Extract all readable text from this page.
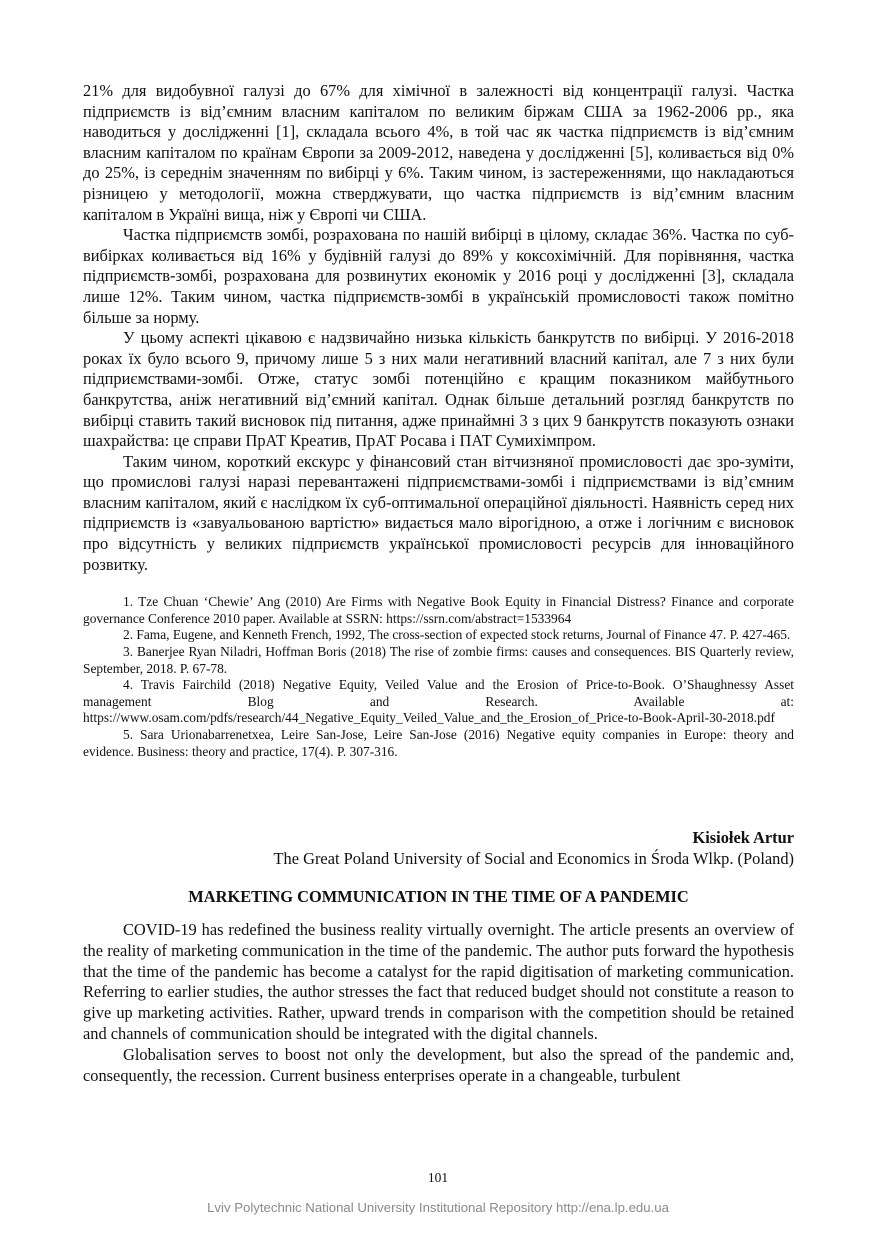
21% для видобувної галузі до 67% для хімічної в залежності від концентрації галузі. Частка підприємств із від’ємним власним капіталом по великим біржам США за 1962-2006 рр., яка наводиться у дослідженні [1], складала всього 4%, в той час як частка підприємств із від’ємним власним капіталом по країнам Європи за 2009-2012, наведена у дослідженні [5], коливається від 0% до 25%, із середнім значенням по вибірці у 6%. Таким чином, із застереженнями, що накладаються різницею у методології, можна стверджувати, що частка підприємств із від’ємним власним капіталом в Україні вища, ніж у Європі чи США.

Частка підприємств зомбі, розрахована по нашій вибірці в цілому, складає 36%. Частка по суб-вибірках коливається від 16% у будівній галузі до 89% у коксохімічній. Для порівняння, частка підприємств-зомбі, розрахована для розвинутих економік у 2016 році у дослідженні [3], складала лише 12%. Таким чином, частка підприємств-зомбі в українській промисловості також помітно більше за норму.

У цьому аспекті цікавою є надзвичайно низька кількість банкрутств по вибірці. У 2016-2018 роках їх було всього 9, причому лише 5 з них мали негативний власний капітал, але 7 з них були підприємствами-зомбі. Отже, статус зомбі потенційно є кращим показником майбутнього банкрутства, аніж негативний від’ємний капітал. Однак більше детальний розгляд банкрутств по вибірці ставить такий висновок під питання, адже принаймні 3 з цих 9 банкрутств показують ознаки шахрайства: це справи ПрАТ Креатив, ПрАТ Росава і ПАТ Сумихімпром.

Таким чином, короткий екскурс у фінансовий стан вітчизняної промисловості дає зро-зуміти, що промислові галузі наразі перевантажені підприємствами-зомбі і підприємствами із від’ємним власним капіталом, який є наслідком їх суб-оптимальної операційної діяльності. Наявність серед них підприємств із «завуальованою вартістю» видається мало вірогідною, а отже і логічним є висновок про відсутність у великих підприємств української промисловості ресурсів для інноваційного розвитку.

1. Tze Chuan ‘Chewie’ Ang (2010) Are Firms with Negative Book Equity in Financial Distress? Finance and corporate governance Conference 2010 paper. Available at SSRN: https://ssrn.com/abstract=1533964

2. Fama, Eugene, and Kenneth French, 1992, The cross-section of expected stock returns, Journal of Finance 47. P. 427-465.

3. Banerjee Ryan Niladri, Hoffman Boris (2018) The rise of zombie firms: causes and consequences. BIS Quarterly review, September, 2018. P. 67-78.

4. Travis Fairchild (2018) Negative Equity, Veiled Value and the Erosion of Price-to-Book. O’Shaughnessy Asset management Blog and Research. Available at: https://www.osam.com/pdfs/research/44_Negative_Equity_Veiled_Value_and_the_Erosion_of_Price-to-Book-April-30-2018.pdf

5. Sara Urionabarrenetxea, Leire San-Jose, Leire San-Jose (2016) Negative equity companies in Europe: theory and evidence. Business: theory and practice, 17(4). P. 307-316.

Kisiołek Artur
The Great Poland University of Social and Economics in Środa Wlkp. (Poland)
MARKETING COMMUNICATION IN THE TIME OF A PANDEMIC

COVID-19 has redefined the business reality virtually overnight. The article presents an overview of the reality of marketing communication in the time of the pandemic. The author puts forward the hypothesis that the time of the pandemic has become a catalyst for the rapid digitisation of marketing communication. Referring to earlier studies, the author stresses the fact that reduced budget should not constitute a reason to give up marketing activities. Rather, upward trends in comparison with the competition should be retained and channels of communication should be integrated with the digital channels.

Globalisation serves to boost not only the development, but also the spread of the pandemic and, consequently, the recession. Current business enterprises operate in a changeable, turbulent

101
Lviv Polytechnic National University Institutional Repository http://ena.lp.edu.ua
